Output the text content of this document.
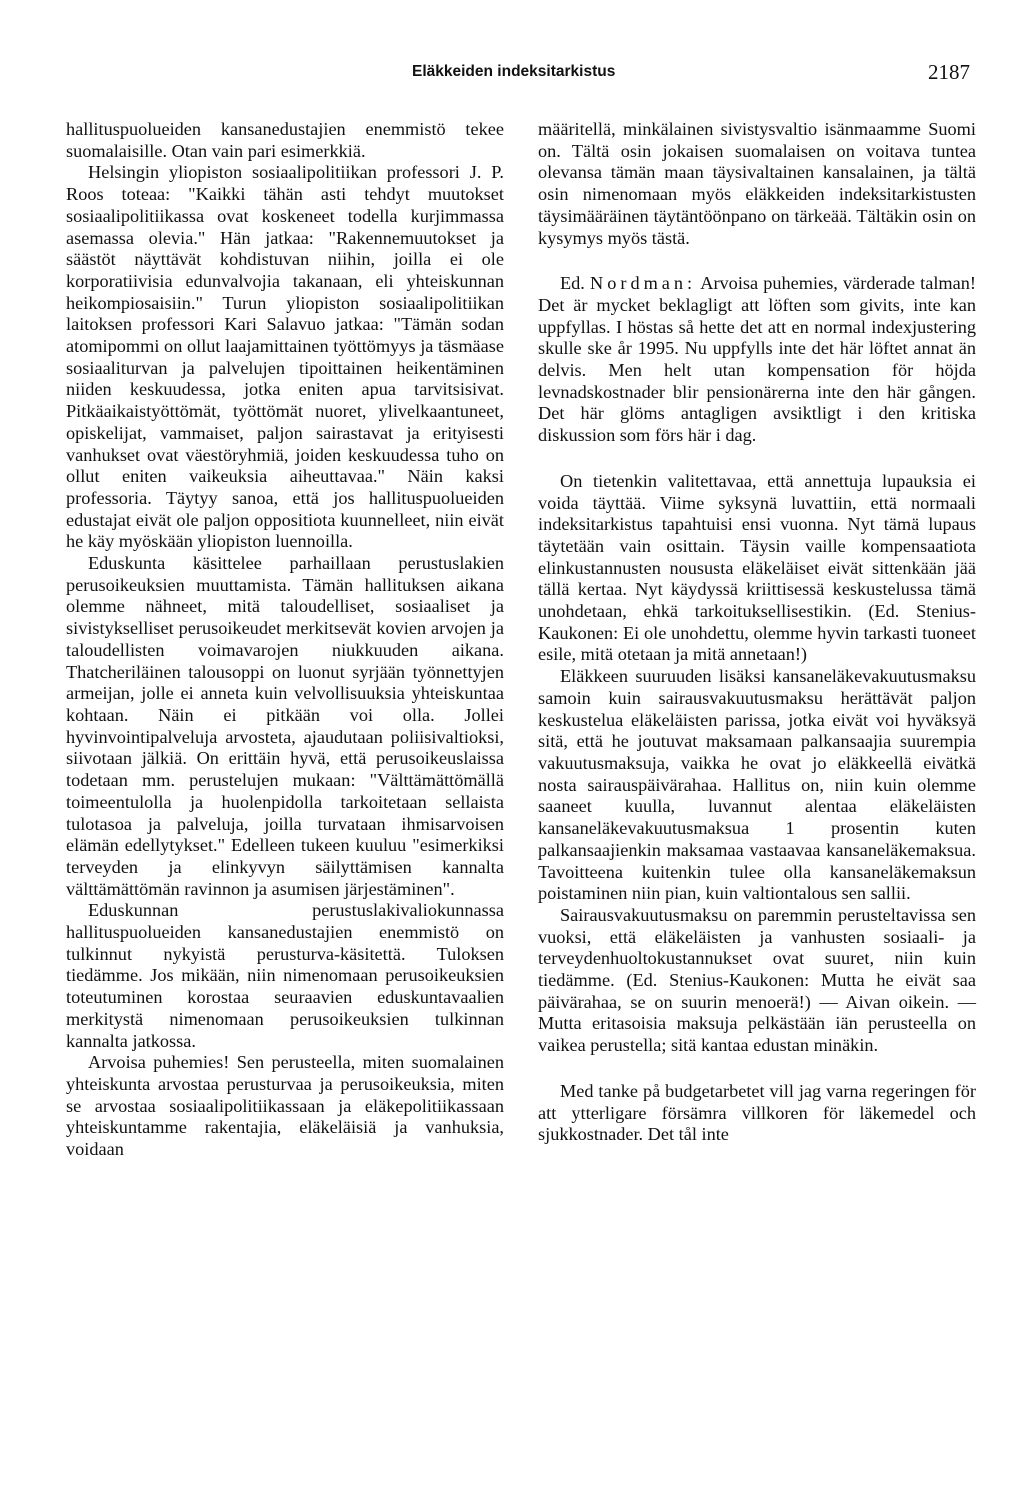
Eläkkeiden indeksitarkistus	2187

hallituspuolueiden kansanedustajien enemmistö tekee suomalaisille. Otan vain pari esimerkkiä.

Helsingin yliopiston sosiaalipolitiikan professori J. P. Roos toteaa: "Kaikki tähän asti tehdyt muutokset sosiaalipolitiikassa ovat koskeneet todella kurjimmassa asemassa olevia." Hän jatkaa: "Rakennemuutokset ja säästöt näyttävät kohdistuvan niihin, joilla ei ole korporatiivisia edunvalvojia takanaan, eli yhteiskunnan heikompiosaisiin." Turun yliopiston sosiaalipolitiikan laitoksen professori Kari Salavuo jatkaa: "Tämän sodan atomipommi on ollut laajamittainen työttömyys ja täsmäase sosiaaliturvan ja palvelujen tipoittainen heikentäminen niiden keskuudessa, jotka eniten apua tarvitsisivat. Pitkäaikaistyöttömät, työttömät nuoret, ylivelkaantuneet, opiskelijat, vammaiset, paljon sairastavat ja erityisesti vanhukset ovat väestöryhmiä, joiden keskuudessa tuho on ollut eniten vaikeuksia aiheuttavaa." Näin kaksi professoria. Täytyy sanoa, että jos hallituspuolueiden edustajat eivät ole paljon oppositiota kuunnelleet, niin eivät he käy myöskään yliopiston luennoilla.

Eduskunta käsittelee parhaillaan perustuslakien perusoikeuksien muuttamista. Tämän hallituksen aikana olemme nähneet, mitä taloudelliset, sosiaaliset ja sivistykselliset perusoikeudet merkitsevät kovien arvojen ja taloudellisten voimavarojen niukkuuden aikana. Thatcheriläinen talousoppi on luonut syrjään työnnettyjen armeijan, jolle ei anneta kuin velvollisuuksia yhteiskuntaa kohtaan. Näin ei pitkään voi olla. Jollei hyvinvointipalveluja arvosteta, ajaudutaan poliisivaltioksi, siivotaan jälkiä. On erittäin hyvä, että perusoikeuslaissa todetaan mm. perustelujen mukaan: "Välttämättömällä toimeentulolla ja huolenpidolla tarkoitetaan sellaista tulotasoa ja palveluja, joilla turvataan ihmisarvoisen elämän edellytykset." Edelleen tukeen kuuluu "esimerkiksi terveyden ja elinkyvyn säilyttämisen kannalta välttämättömän ravinnon ja asumisen järjestäminen".

Eduskunnan perustuslakivaliokunnassa hallituspuolueiden kansanedustajien enemmistö on tulkinnut nykyistä perusturva-käsitettä. Tuloksen tiedämme. Jos mikään, niin nimenomaan perusoikeuksien toteutuminen korostaa seuraavien eduskuntavaalien merkitystä nimenomaan perusoikeuksien tulkinnan kannalta jatkossa.

Arvoisa puhemies! Sen perusteella, miten suomalainen yhteiskunta arvostaa perusturvaa ja perusoikeuksia, miten se arvostaa sosiaalipolitiikassaan ja eläkepolitiikassaan yhteiskuntamme rakentajia, eläkeläisiä ja vanhuksia, voidaan

määritellä, minkälainen sivistysvaltio isänmaamme Suomi on. Tältä osin jokaisen suomalaisen on voitava tuntea olevansa tämän maan täysivaltainen kansalainen, ja tältä osin nimenomaan myös eläkkeiden indeksitarkistusten täysimääräinen täytäntöönpano on tärkeää. Tältäkin osin on kysymys myös tästä.

Ed. Nordman: Arvoisa puhemies, värderade talman! Det är mycket beklagligt att löften som givits, inte kan uppfyllas. I höstas så hette det att en normal indexjustering skulle ske år 1995. Nu uppfylls inte det här löftet annat än delvis. Men helt utan kompensation för höjda levnadskostnader blir pensionärerna inte den här gången. Det här glöms antagligen avsiktligt i den kritiska diskussion som förs här i dag.

On tietenkin valitettavaa, että annettuja lupauksia ei voida täyttää. Viime syksynä luvattiin, että normaali indeksitarkistus tapahtuisi ensi vuonna. Nyt tämä lupaus täytetään vain osittain. Täysin vaille kompensaatiota elinkustannusten noususta eläkeläiset eivät sittenkään jää tällä kertaa. Nyt käydyssä kriittisessä keskustelussa tämä unohdetaan, ehkä tarkoituksellisestikin. (Ed. Stenius-Kaukonen: Ei ole unohdettu, olemme hyvin tarkasti tuoneet esile, mitä otetaan ja mitä annetaan!)

Eläkkeen suuruuden lisäksi kansaneläkevakuutusmaksu samoin kuin sairausvakuutusmaksu herättävät paljon keskustelua eläkeläisten parissa, jotka eivät voi hyväksyä sitä, että he joutuvat maksamaan palkansaajia suurempia vakuutusmaksuja, vaikka he ovat jo eläkkeellä eivätkä nosta sairauspäivärahaa. Hallitus on, niin kuin olemme saaneet kuulla, luvannut alentaa eläkeläisten kansaneläkevakuutusmaksua 1 prosentin kuten palkansaajienkin maksamaa vastaavaa kansaneläkemaksua. Tavoitteena kuitenkin tulee olla kansaneläkemaksun poistaminen niin pian, kuin valtiontalous sen sallii.

Sairausvakuutusmaksu on paremmin perusteltavissa sen vuoksi, että eläkeläisten ja vanhusten sosiaali- ja terveydenhuoltokustannukset ovat suuret, niin kuin tiedämme. (Ed. Stenius-Kaukonen: Mutta he eivät saa päivärahaa, se on suurin menoerä!) — Aivan oikein. — Mutta eritasoisia maksuja pelkästään iän perusteella on vaikea perustella; sitä kantaa edustan minäkin.

Med tanke på budgetarbetet vill jag varna regeringen för att ytterligare försämra villkoren för läkemedel och sjukkostnader. Det tål inte
